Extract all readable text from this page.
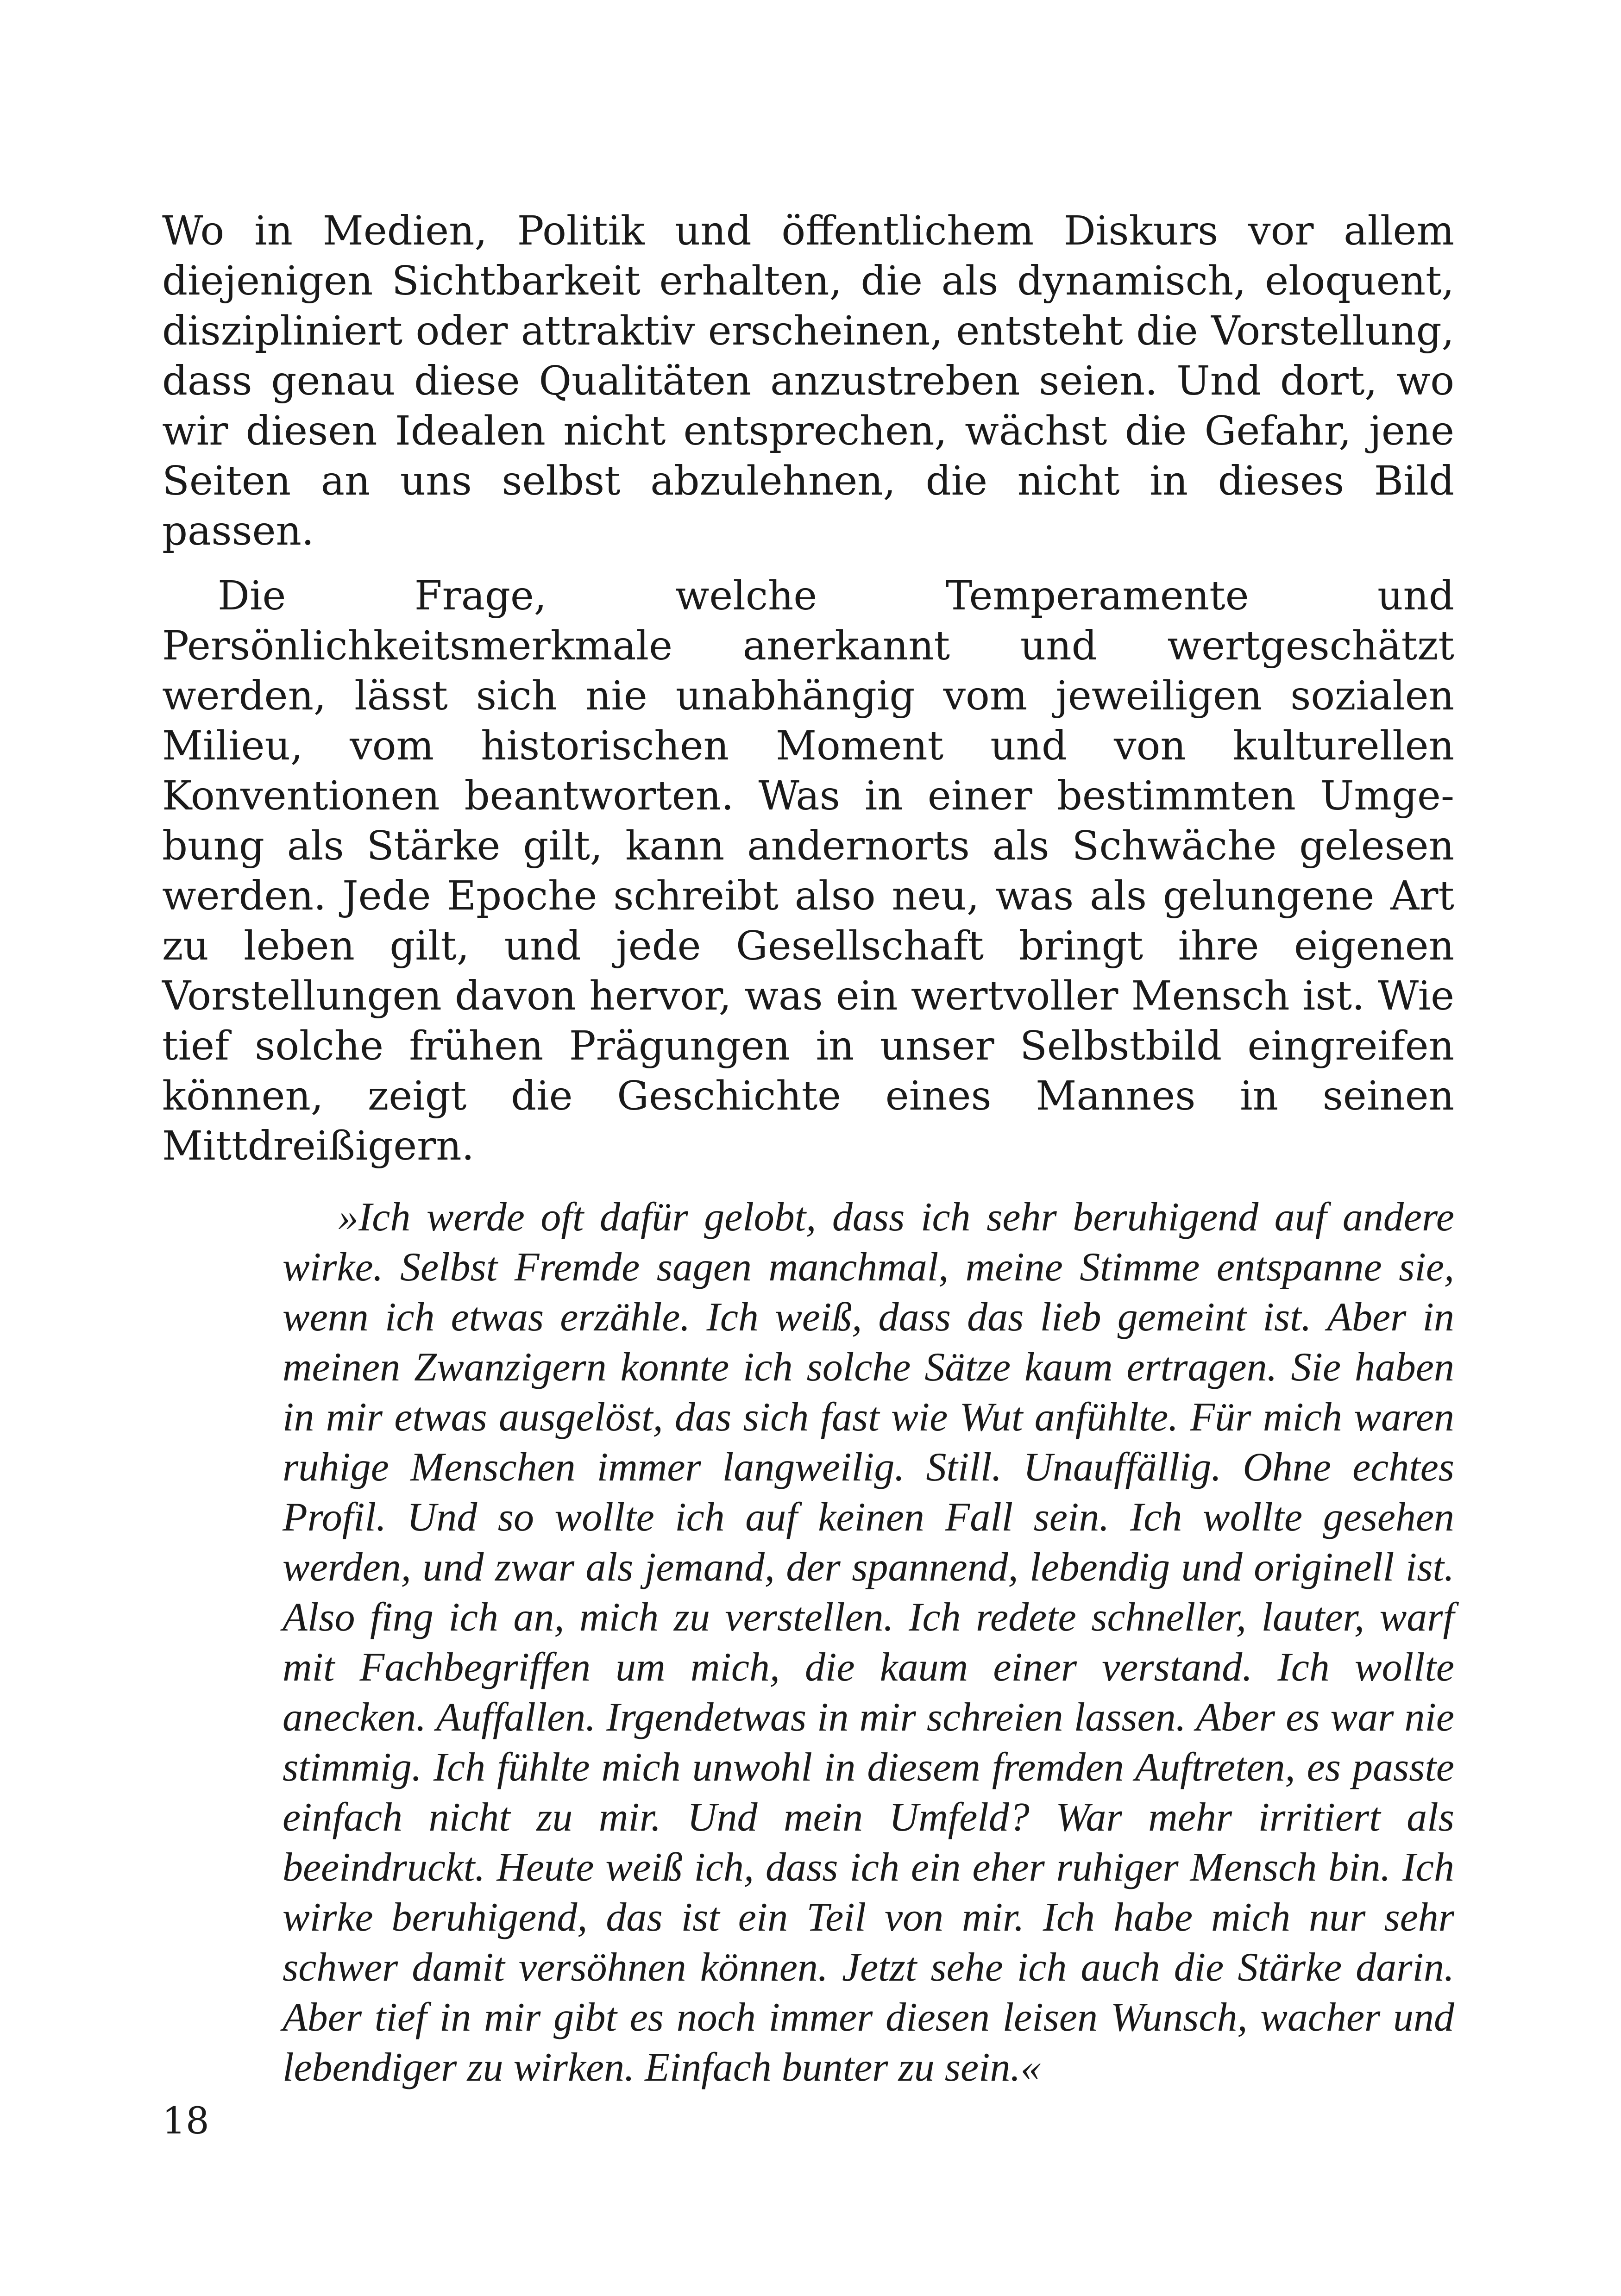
Wo in Medien, Politik und öffentlichem Diskurs vor allem diejenigen Sichtbarkeit erhalten, die als dynamisch, eloquent, diszipliniert oder attraktiv erscheinen, entsteht die Vorstellung, dass genau diese Qualitäten anzustreben seien. Und dort, wo wir diesen Idealen nicht entsprechen, wächst die Gefahr, jene Seiten an uns selbst abzulehnen, die nicht in dieses Bild passen.

Die Frage, welche Temperamente und Persönlichkeitsmerkmale anerkannt und wertgeschätzt werden, lässt sich nie unabhängig vom jeweiligen sozialen Milieu, vom historischen Moment und von kulturellen Konventionen beantworten. Was in einer bestimmten Umgebung als Stärke gilt, kann andernorts als Schwäche gelesen werden. Jede Epoche schreibt also neu, was als gelungene Art zu leben gilt, und jede Gesellschaft bringt ihre eigenen Vorstellungen davon hervor, was ein wertvoller Mensch ist. Wie tief solche frühen Prägungen in unser Selbstbild eingreifen können, zeigt die Geschichte eines Mannes in seinen Mittdreißigern.

»Ich werde oft dafür gelobt, dass ich sehr beruhigend auf andere wirke. Selbst Fremde sagen manchmal, meine Stimme entspanne sie, wenn ich etwas erzähle. Ich weiß, dass das lieb gemeint ist. Aber in meinen Zwanzigern konnte ich solche Sätze kaum ertragen. Sie haben in mir etwas ausgelöst, das sich fast wie Wut anfühlte. Für mich waren ruhige Menschen immer langweilig. Still. Unauffällig. Ohne echtes Profil. Und so wollte ich auf keinen Fall sein. Ich wollte gesehen werden, und zwar als jemand, der spannend, lebendig und originell ist. Also fing ich an, mich zu verstellen. Ich redete schneller, lauter, warf mit Fachbegriffen um mich, die kaum einer verstand. Ich wollte anecken. Auffallen. Irgendetwas in mir schreien lassen. Aber es war nie stimmig. Ich fühlte mich unwohl in diesem fremden Auftreten, es passte einfach nicht zu mir. Und mein Umfeld? War mehr irritiert als beeindruckt. Heute weiß ich, dass ich ein eher ruhiger Mensch bin. Ich wirke beruhigend, das ist ein Teil von mir. Ich habe mich nur sehr schwer damit versöhnen können. Jetzt sehe ich auch die Stärke darin. Aber tief in mir gibt es noch immer diesen leisen Wunsch, wacher und lebendiger zu wirken. Einfach bunter zu sein.«
18
